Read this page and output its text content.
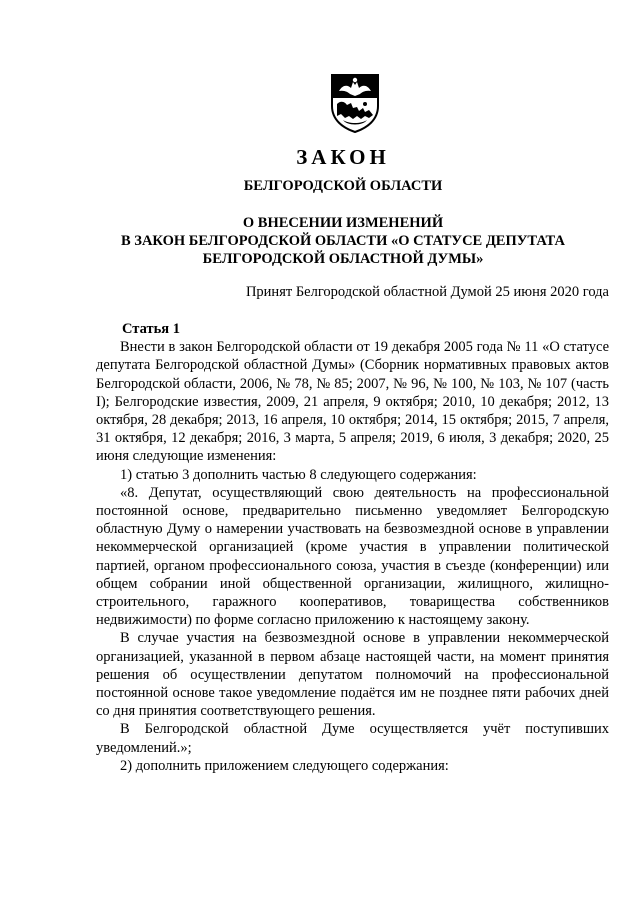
ЗАКОН
БЕЛГОРОДСКОЙ ОБЛАСТИ
О ВНЕСЕНИИ ИЗМЕНЕНИЙ
В ЗАКОН БЕЛГОРОДСКОЙ ОБЛАСТИ «О СТАТУСЕ ДЕПУТАТА
БЕЛГОРОДСКОЙ ОБЛАСТНОЙ ДУМЫ»
Принят Белгородской областной Думой 25 июня 2020 года

Статья 1

Внести в закон Белгородской области от 19 декабря 2005 года № 11 «О статусе депутата Белгородской областной Думы» (Сборник нормативных правовых актов Белгородской области, 2006, № 78, № 85; 2007, № 96, № 100, № 103, № 107 (часть I); Белгородские известия, 2009, 21 апреля, 9 октября; 2010, 10 декабря; 2012, 13 октября, 28 декабря; 2013, 16 апреля, 10 октября; 2014, 15 октября; 2015, 7 апреля, 31 октября, 12 декабря; 2016, 3 марта, 5 апреля; 2019, 6 июля, 3 декабря; 2020, 25 июня следующие изменения:

1) статью 3 дополнить частью 8 следующего содержания:

«8. Депутат, осуществляющий свою деятельность на профессиональной постоянной основе, предварительно письменно уведомляет Белгородскую областную Думу о намерении участвовать на безвозмездной основе в управлении некоммерческой организацией (кроме участия в управлении политической партией, органом профессионального союза, участия в съезде (конференции) или общем собрании иной общественной организации, жилищного, жилищно-строительного, гаражного кооперативов, товарищества собственников недвижимости) по форме согласно приложению к настоящему закону.

В случае участия на безвозмездной основе в управлении некоммерческой организацией, указанной в первом абзаце настоящей части, на момент принятия решения об осуществлении депутатом полномочий на профессиональной постоянной основе такое уведомление подаётся им не позднее пяти рабочих дней со дня принятия соответствующего решения.

В Белгородской областной Думе осуществляется учёт поступивших уведомлений.»;

2) дополнить приложением следующего содержания:
